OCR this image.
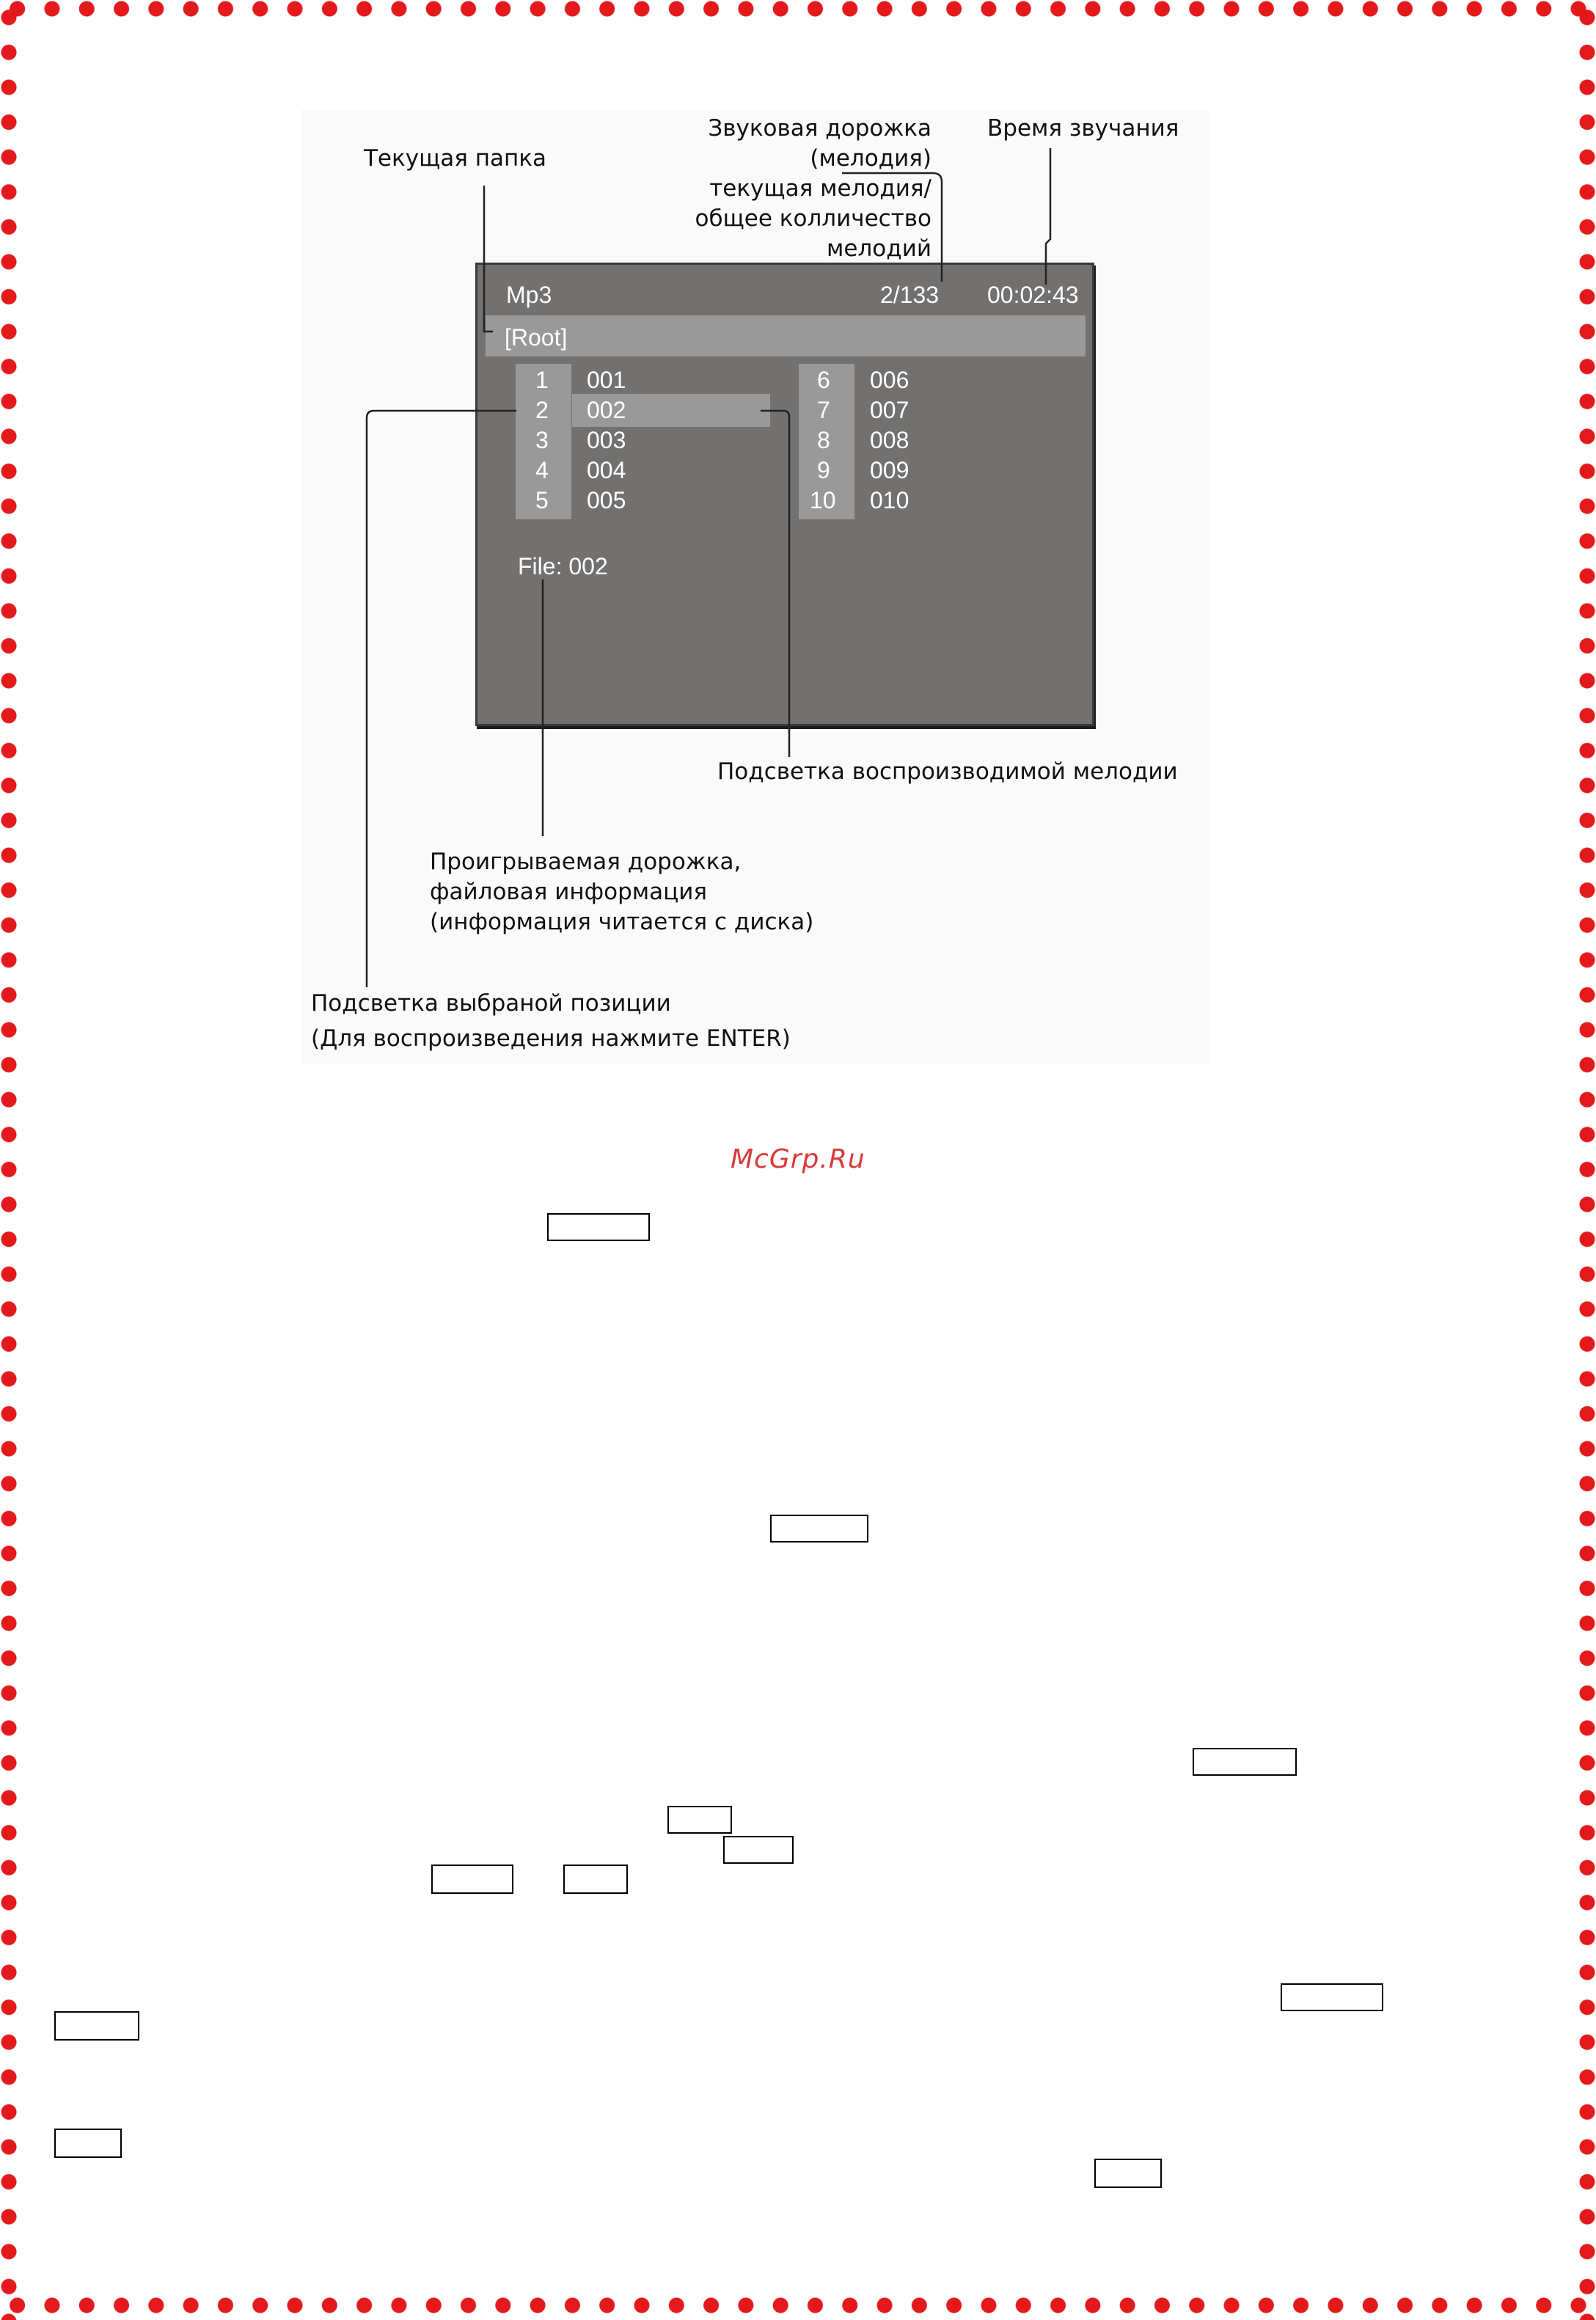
Mp3	2/133 00:02:43
[Root]
1 001
2 002
3 003
4 004
5 005
6 006
7 007
8 008
9 009
10 010
File: 002
Текущая папка
Звуковая дорожка
(мелодия)
текущая мелодия/
общее колличество мелодий
Время звучания
Подсветка воспроизводимой мелодии
Проигрываемая дорожка,
файловая информация
(информация читается с диска)
Подсветка выбраной позиции
(Для воспроизведения нажмите ENTER)
McGrp.Ru
